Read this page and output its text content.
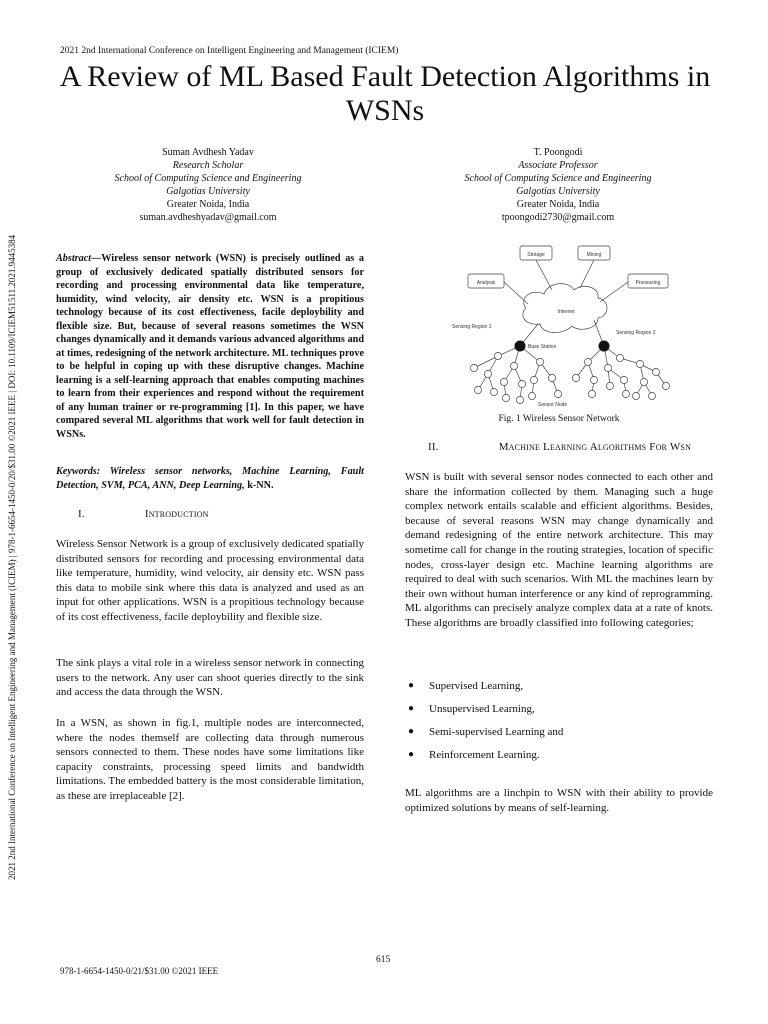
2021 2nd International Conference on Intelligent Engineering and Management (ICIEM)
A Review of ML Based Fault Detection Algorithms in WSNs
2021 2nd International Conference on Intelligent Engineering and Management (ICIEM) | 978-1-6654-1450-0/20/$31.00 ©2021 IEEE | DOI: 10.1109/ICIEM51511.2021.9445384
Suman Avdhesh Yadav
Research Scholar
School of Computing Science and Engineering
Galgotias University
Greater Noida, India
suman.avdheshyadav@gmail.com
T. Poongodi
Associate Professor
School of Computing Science and Engineering
Galgotias University
Greater Noida, India
tpoongodi2730@gmail.com

Abstract—Wireless sensor network (WSN) is precisely outlined as a group of exclusively dedicated spatially distributed sensors for recording and processing environmental data like temperature, humidity, wind velocity, air density etc. WSN is a propitious technology because of its cost effectiveness, facile deploybility and flexible size. But, because of several reasons sometimes the WSN changes dynamically and it demands various advanced algorithms and at times, redesigning of the network architecture. ML techniques prove to be helpful in coping up with these disruptive changes. Machine learning is a self-learning approach that enables computing machines to learn from their experiences and respond without the requirement of any human trainer or re-programming [1]. In this paper, we have compared several ML algorithms that work well for fault detection in WSNs.

Keywords: Wireless sensor networks, Machine Learning, Fault Detection, SVM, PCA, ANN, Deep Learning, k-NN.

I.	Introduction

Wireless Sensor Network is a group of exclusively dedicated spatially distributed sensors for recording and processing environmental data like temperature, humidity, wind velocity, air density etc. WSN pass this data to mobile sink where this data is analyzed and used as an input for other applications. WSN is a propitious technology because of its cost effectiveness, facile deploybility and flexible size.

The sink plays a vital role in a wireless sensor network in connecting users to the network. Any user can shoot queries directly to the sink and access the data through the WSN.

In a WSN, as shown in fig.1, multiple nodes are interconnected, where the nodes themself are collecting data through numerous sensors connected to them. These nodes have some limitations like capacity constraints, processing speed limits and bandwidth limitations. The embedded battery is the most considerable limitation, as these are irreplaceable [2].

Storage	Mining
Analysis	Processing
Internet
Sensing Region 1
Sensing Region 2
Base Station
Sensor Node
Fig. 1 Wireless Sensor Network
II.	Machine Learning Algorithms For Wsn

WSN is built with several sensor nodes connected to each other and share the information collected by them. Managing such a huge complex network entails scalable and efficient algorithms. Besides, because of several reasons WSN may change dynamically and demand redesigning of the entire network architecture. This may sometime call for change in the routing strategies, location of specific nodes, cross-layer design etc. Machine learning algorithms are required to deal with such scenarios. With ML the machines learn by their own without human interference or any kind of reprogramming. ML algorithms can precisely analyze complex data at a rate of knots. These algorithms are broadly classified into following categories;

●	Supervised Learning,
●	Unsupervised Learning,
●	Semi-supervised Learning and
●	Reinforcement Learning.

ML algorithms are a linchpin to WSN with their ability to provide optimized solutions by means of self-learning.

615
978-1-6654-1450-0/21/$31.00 ©2021 IEEE
